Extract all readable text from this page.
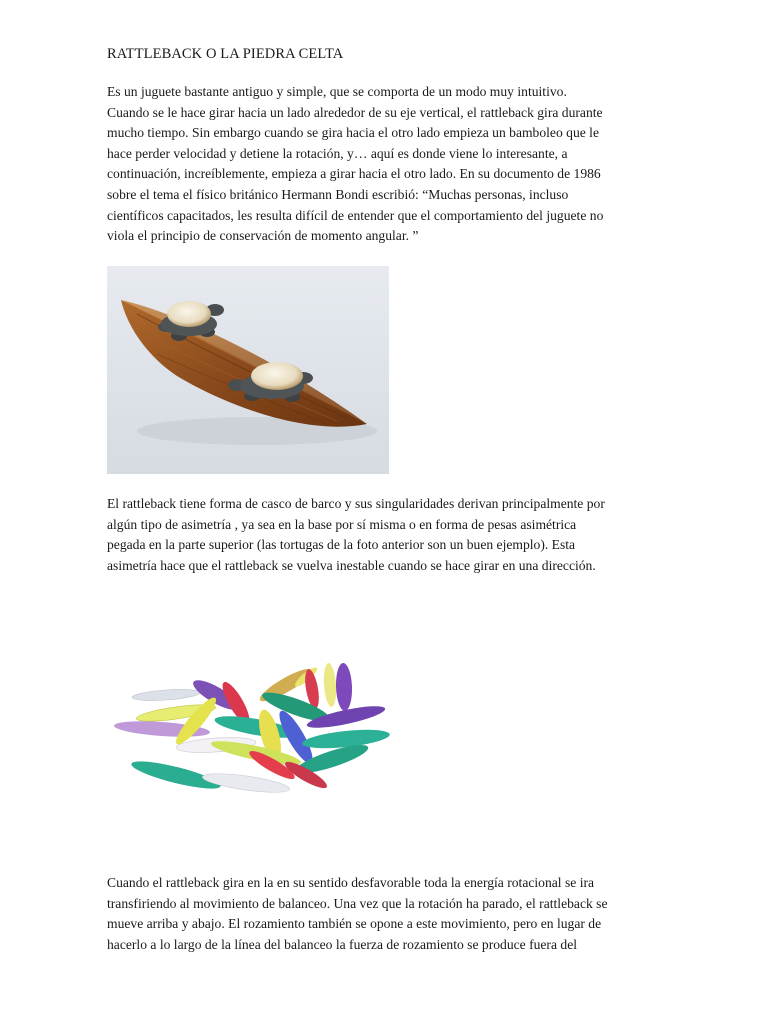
RATTLEBACK O LA PIEDRA CELTA
Es un juguete bastante antiguo y simple, que se comporta de un modo muy intuitivo.
Cuando se le hace girar hacia un lado alrededor de su eje vertical, el rattleback gira durante
mucho tiempo. Sin embargo cuando se gira hacia el otro lado empieza un bamboleo que le
hace perder velocidad y detiene la rotación, y… aquí es donde viene lo interesante, a
continuación, increíblemente, empieza a girar hacia el otro lado. En su documento de 1986
sobre el tema el físico británico Hermann Bondi escribió: “Muchas personas, incluso
científicos capacitados, les resulta difícil de entender que el comportamiento del juguete no
viola el principio de conservación de momento angular. ”
El rattleback tiene forma de casco de barco y sus singularidades derivan principalmente por
algún tipo de asimetría , ya sea en la base por sí misma o en forma de pesas asimétrica
pegada en la parte superior (las tortugas de la foto anterior son un buen ejemplo). Esta
asimetría hace que el rattleback se vuelva inestable cuando se hace girar en una dirección.
Cuando el rattleback gira en la en su sentido desfavorable toda la energía rotacional se ira
transfiriendo al movimiento de balanceo. Una vez que la rotación ha parado, el rattleback se
mueve arriba y abajo. El rozamiento también se opone a este movimiento, pero en lugar de
hacerlo a lo largo de la línea del balanceo la fuerza de rozamiento se produce fuera del
